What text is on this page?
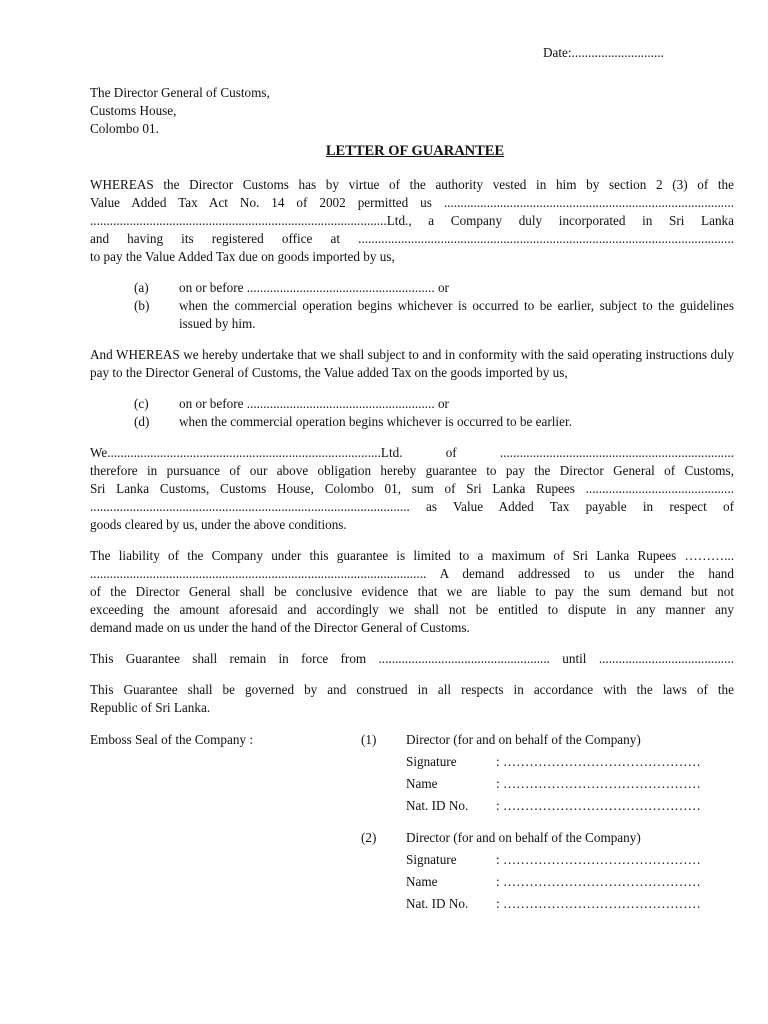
Date:............................

The Director General of Customs,

Customs House,

Colombo 01.

LETTER OF GUARANTEE

WHEREAS the Director Customs has by virtue of the authority vested in him by section 2 (3) of the

Value Added Tax Act No. 14 of 2002 permitted us ........................................................................................

..........................................................................................Ltd., a Company duly incorporated in Sri Lanka

and having its registered office at ..................................................................................................................

to pay the Value Added Tax due on goods imported by us,

(a)	on or before ......................................................... or
(b)	when the commercial operation begins whichever is occurred to be earlier, subject to the guidelines issued by him.

And WHEREAS we hereby undertake that we shall subject to and in conformity with the said operating instructions duly pay to the Director General of Customs, the Value added Tax on the goods imported by us,

(c)	on or before ......................................................... or
(d)	when the commercial operation begins whichever is occurred to be earlier.

We...................................................................................Ltd. of .......................................................................

therefore in pursuance of our above obligation hereby guarantee to pay the Director General of Customs,

Sri Lanka Customs, Customs House, Colombo 01, sum of Sri Lanka Rupees .............................................

................................................................................................. as Value Added Tax payable in respect of

goods cleared by us, under the above conditions.

The liability of the Company under this guarantee is limited to a maximum of Sri Lanka Rupees ………...

...................................................................................................... A demand addressed to us under the hand

of the Director General shall be conclusive evidence that we are liable to pay the sum demand but not

exceeding the amount aforesaid and accordingly we shall not be entitled to dispute in any manner any

demand made on us under the hand of the Director General of Customs.

This Guarantee shall remain in force from .................................................... until .........................................

This Guarantee shall be governed by and construed in all respects in accordance with the laws of the

Republic of Sri Lanka.

Emboss Seal of the Company :	(1)	Director (for and on behalf of the Company)

Signature	: ………………………………………
Name	: ………………………………………
Nat. ID No.	: ………………………………………
(2)	Director (for and on behalf of the Company)

Signature	: ………………………………………
Name	: ………………………………………
Nat. ID No.	: ………………………………………
